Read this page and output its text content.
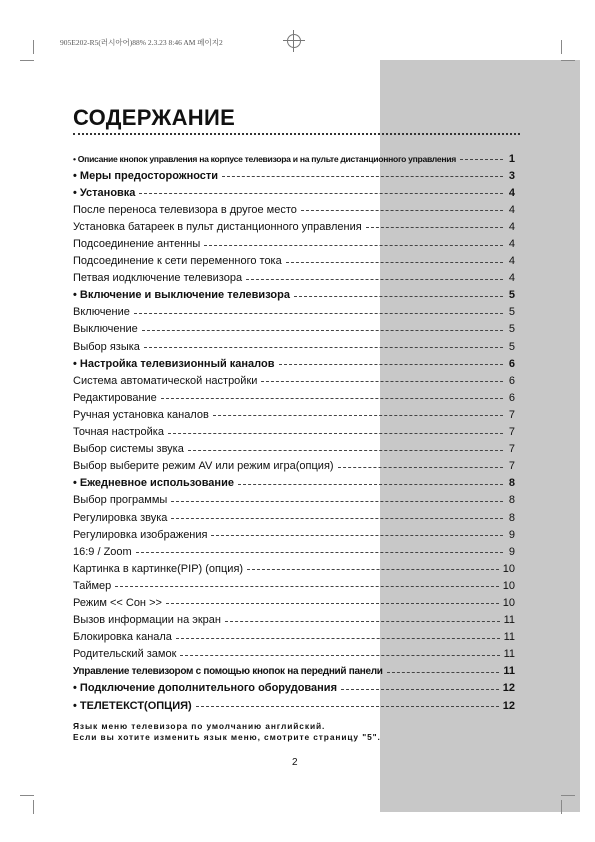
905E202-R5(러시아어)88% 2.3.23 8:46 AM 페이지2
СОДЕРЖАНИЕ
• Описание кнопок управления на корпусе телевизора и на пульте дистанционного управления	1
• Меры предосторожности	3
• Установка	4
После переноса телевизора в другое место	4
Установка батареек в пульт дистанционного управления	4
Подсоединение антенны	4
Подсоединение к сети переменного тока	4
Петвая иодключение телевизора	4
• Включение и выключение телевизора	5
Включение	5
Выключение	5
Выбор языка	5
• Настройка телевизионный каналов	6
Система автоматической настройки	6
Редактирование	6
Ручная установка каналов	7
Точная настройка	7
Выбор системы звука	7
Выбор выберите режим AV или режим игра(опция)	7
• Ежедневное использование	8
Выбор программы	8
Регулировка звука	8
Регулировка изображения	9
16:9 / Zoom	9
Картинка в картинке(PIP) (опция)	10
Таймер	10
Режим << Сон >>	10
Вызов информации на экран	11
Блокировка канала	11
Родительский замок	11
Управление телевизором с помощью кнопок на передний панели	11
• Подключение дополнительного оборудования	12
• ТЕЛЕТЕКСТ(ОПЦИЯ)	12
Язык меню телевизора по умолчанию английский.
Если вы хотите изменить язык меню, смотрите страницу "5".
2
